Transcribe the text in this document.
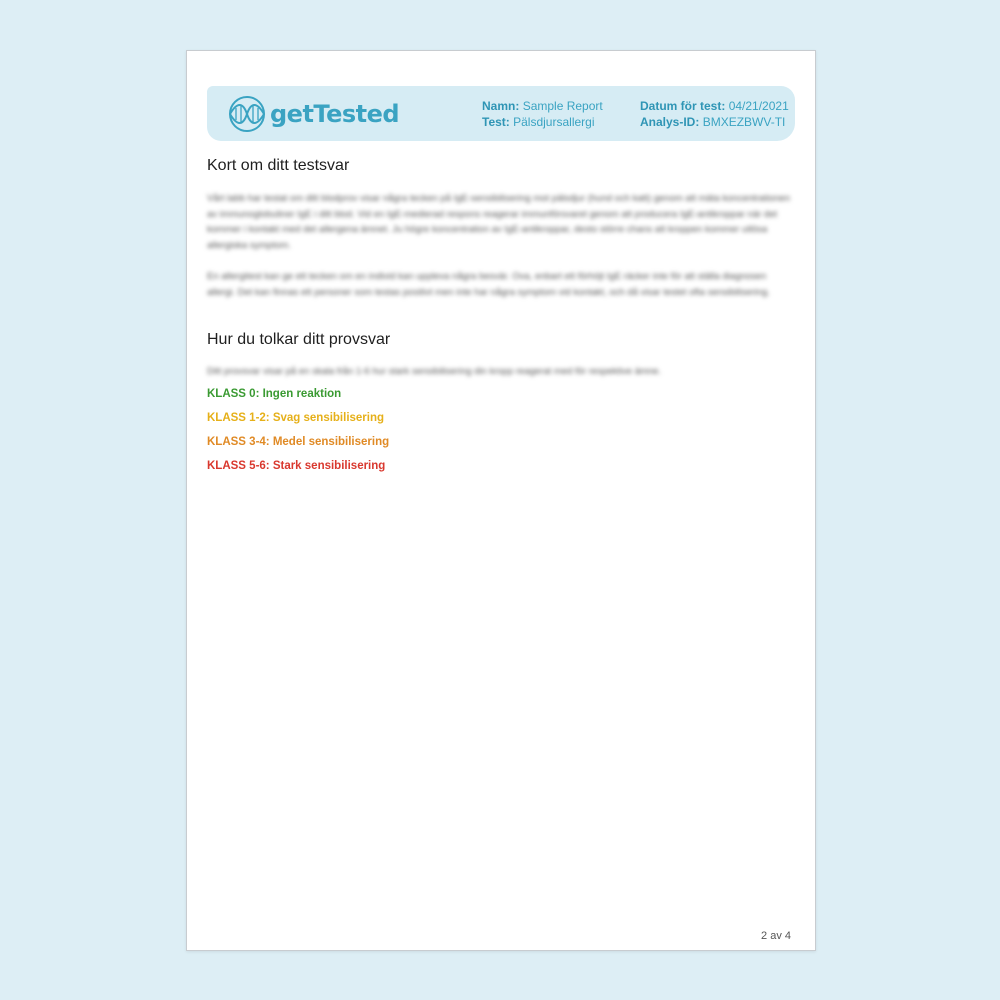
getTested	Namn: Sample Report
Test: Pälsdjursallergi
Datum för test: 04/21/2021
Analys-ID: BMXEZBWV-TI
Kort om ditt testsvar
Vårt labb har testat om ditt blodprov visar några tecken på IgE-sensibilisering mot pälsdjur (hund och katt) genom att mäta koncentrationen av immunoglobuliner IgE i ditt blod. Vid en IgE-medierad respons reagerar immunförsvaret genom att producera IgE-antikroppar när det kommer i kontakt med det allergena ämnet. Ju högre koncentration av IgE-antikroppar, desto större chans att kroppen kommer utlösa allergiska symptom.
En allergitest kan ge ett tecken om en individ kan uppleva några besvär. Ova, enbart ett förhöjt IgE räcker inte för att ställa diagnosen allergi. Det kan finnas ett personer som testas positivt men inte har några symptom vid kontakt, och då visar testet ofta sensibilisering.
Hur du tolkar ditt provsvar
Ditt provsvar visar på en skala från 1-6 hur stark sensibilisering din kropp reagerat med för respektive ämne.
KLASS 0: Ingen reaktion
KLASS 1-2: Svag sensibilisering
KLASS 3-4: Medel sensibilisering
KLASS 5-6: Stark sensibilisering
2 av 4
